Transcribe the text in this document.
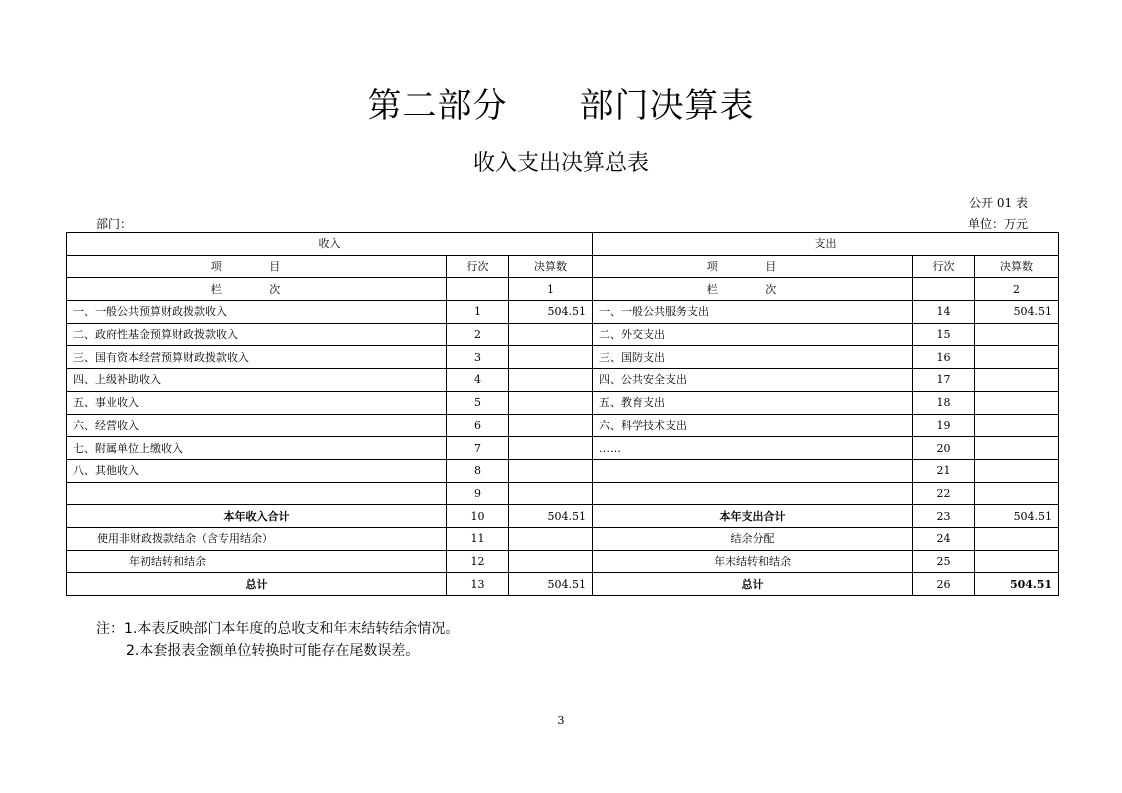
第二部分 部门决算表
收入支出决算总表
公开 01 表
部门：	单位：万元
收入			支出		
项 目	行次	决算数	项 目	行次	决算数
栏 次		1	栏 次		2
一、一般公共预算财政拨款收入	1	504.51	一、一般公共服务支出	14	504.51
二、政府性基金预算财政拨款收入	2		二、外交支出	15	
三、国有资本经营预算财政拨款收入	3		三、国防支出	16	
四、上级补助收入	4		四、公共安全支出	17	
五、事业收入	5		五、教育支出	18	
六、经营收入	6		六、科学技术支出	19	
七、附属单位上缴收入	7		……	20	
八、其他收入	8			21	
	9			22	
本年收入合计	10	504.51	本年支出合计	23	504.51
使用非财政拨款结余（含专用结余）	11		结余分配	24	
年初结转和结余	12		年末结转和结余	25	
总计	13	504.51	总计	26	504.51
注：1.本表反映部门本年度的总收支和年末结转结余情况。
2.本套报表金额单位转换时可能存在尾数误差。
3
